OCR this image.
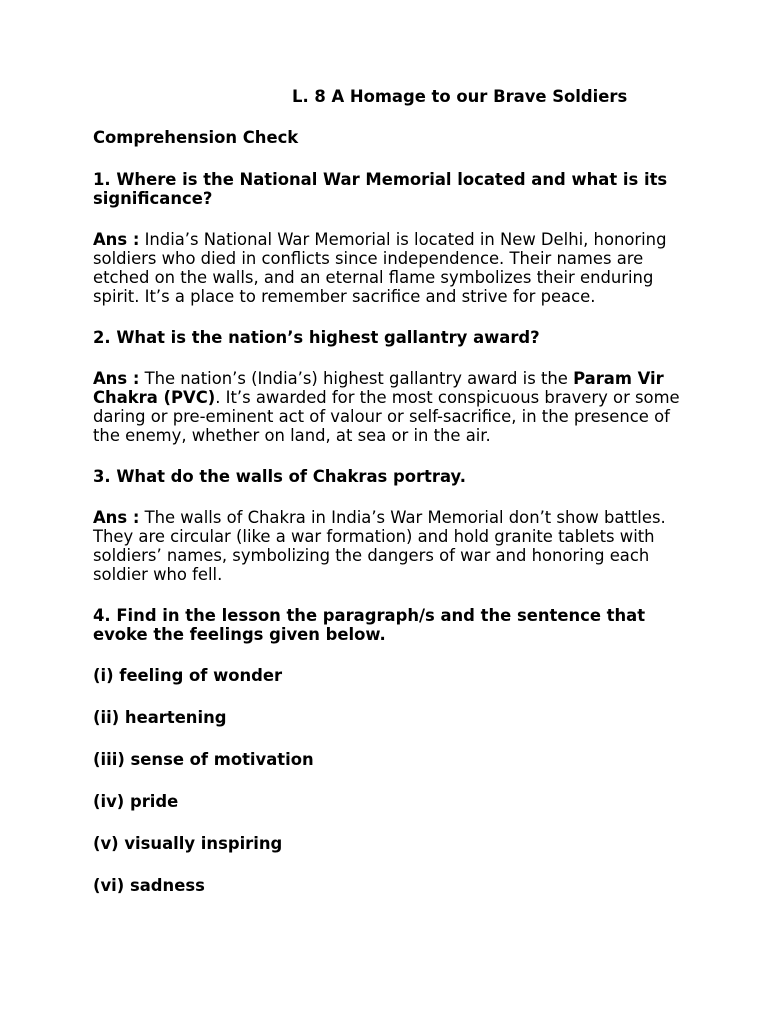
L. 8 A Homage to our Brave Soldiers
Comprehension Check
1. Where is the National War Memorial located and what is its significance?
Ans : India’s National War Memorial is located in New Delhi, honoring soldiers who died in conflicts since independence. Their names are etched on the walls, and an eternal flame symbolizes their enduring spirit. It’s a place to remember sacrifice and strive for peace.
2. What is the nation’s highest gallantry award?
Ans : The nation’s (India’s) highest gallantry award is the Param Vir Chakra (PVC). It’s awarded for the most conspicuous bravery or some daring or pre-eminent act of valour or self-sacrifice, in the presence of the enemy, whether on land, at sea or in the air.
3. What do the walls of Chakras portray.
Ans : The walls of Chakra in India’s War Memorial don’t show battles. They are circular (like a war formation) and hold granite tablets with soldiers’ names, symbolizing the dangers of war and honoring each soldier who fell.
4. Find in the lesson the paragraph/s and the sentence that evoke the feelings given below.
(i) feeling of wonder
(ii) heartening
(iii) sense of motivation
(iv) pride
(v) visually inspiring
(vi) sadness
